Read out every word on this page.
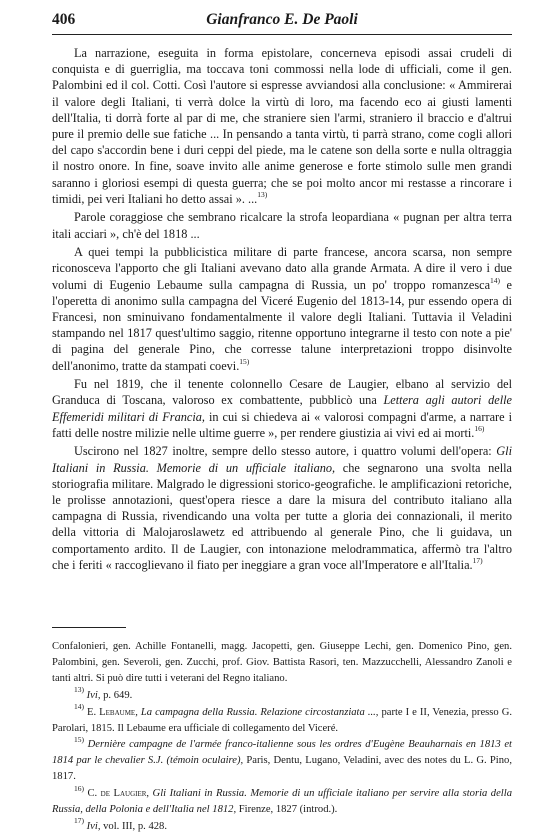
406	Gianfranco E. De Paoli

La narrazione, eseguita in forma epistolare, concerneva episodi assai crudeli di conquista e di guerriglia, ma toccava toni commossi nella lode di ufficiali, come il gen. Palombini ed il col. Cotti. Così l'autore si espresse avviandosi alla conclusione: « Ammirerai il valore degli Italiani, ti verrà dolce la virtù di loro, ma facendo eco ai giusti lamenti dell'Italia, ti dorrà forte al par di me, che straniere sien l'armi, straniero il braccio e d'altrui pure il premio delle sue fatiche ... In pensando a tanta virtù, ti parrà strano, come cogli allori del capo s'accordin bene i duri ceppi del piede, ma le catene son della sorte e nulla oltraggia il nostro onore. In fine, soave invito alle anime generose e forte stimolo sulle men grandi saranno i gloriosi esempi di questa guerra; che se poi molto ancor mi restasse a rincorare i timidi, pei veri Italiani ho detto assai ». ...$^{13)}$

Parole coraggiose che sembrano ricalcare la strofa leopardiana « pugnan per altra terra itali acciari », ch'è del 1818 ...

A quei tempi la pubblicistica militare di parte francese, ancora scarsa, non sempre riconosceva l'apporto che gli Italiani avevano dato alla grande Armata. A dire il vero i due volumi di Eugenio Lebaume sulla campagna di Russia, un po' troppo romanzesca$^{14)}$ e l'operetta di anonimo sulla campagna del Viceré Eugenio del 1813-14, pur essendo opera di Francesi, non sminuivano fondamentalmente il valore degli Italiani. Tuttavia il Veladini stampando nel 1817 quest'ultimo saggio, ritenne opportuno integrarne il testo con note a pie' di pagina del generale Pino, che corresse talune interpretazioni troppo disinvolte dell'anonimo, tratte da stampati coevi.$^{15)}$

Fu nel 1819, che il tenente colonnello Cesare de Laugier, elbano al servizio del Granduca di Toscana, valoroso ex combattente, pubblicò una Lettera agli autori delle Effemeridi militari di Francia, in cui si chiedeva ai « valorosi compagni d'arme, a narrare i fatti delle nostre milizie nelle ultime guerre », per rendere giustizia ai vivi ed ai morti.$^{16)}$

Uscirono nel 1827 inoltre, sempre dello stesso autore, i quattro volumi dell'opera: Gli Italiani in Russia. Memorie di un ufficiale italiano, che segnarono una svolta nella storiografia militare. Malgrado le digressioni storico-geografiche. le amplificazioni retoriche, le prolisse annotazioni, quest'opera riesce a dare la misura del contributo italiano alla campagna di Russia, rivendicando una volta per tutte a gloria dei connazionali, il merito della vittoria di Malojaroslawetz ed attribuendo al generale Pino, che li guidava, un comportamento ardito. Il de Laugier, con intonazione melodrammatica, affermò tra l'altro che i feriti « raccoglievano il fiato per ineggiare a gran voce all'Imperatore e all'Italia.$^{17)}$

Confalonieri, gen. Achille Fontanelli, magg. Jacopetti, gen. Giuseppe Lechi, gen. Domenico Pino, gen. Palombini, gen. Severoli, gen. Zucchi, prof. Giov. Battista Rasori, ten. Mazzucchelli, Alessandro Zanoli e tanti altri. Si può dire tutti i veterani del Regno italiano.

$^{13)}$ Ivi, p. 649.

$^{14)}$ E. Lebaume, La campagna della Russia. Relazione circostanziata ..., parte I e II, Venezia, presso G. Parolari, 1815. Il Lebaume era ufficiale di collegamento del Viceré.

$^{15)}$ Dernière campagne de l'armée franco-italienne sous les ordres d'Eugène Beauharnais en 1813 et 1814 par le chevalier S.J. (témoin oculaire), Paris, Dentu, Lugano, Veladini, avec des notes du L. G. Pino, 1817.

$^{16)}$ C. de Laugier, Gli Italiani in Russia. Memorie di un ufficiale italiano per servire alla storia della Russia, della Polonia e dell'Italia nel 1812, Firenze, 1827 (introd.).

$^{17)}$ Ivi, vol. III, p. 428.
